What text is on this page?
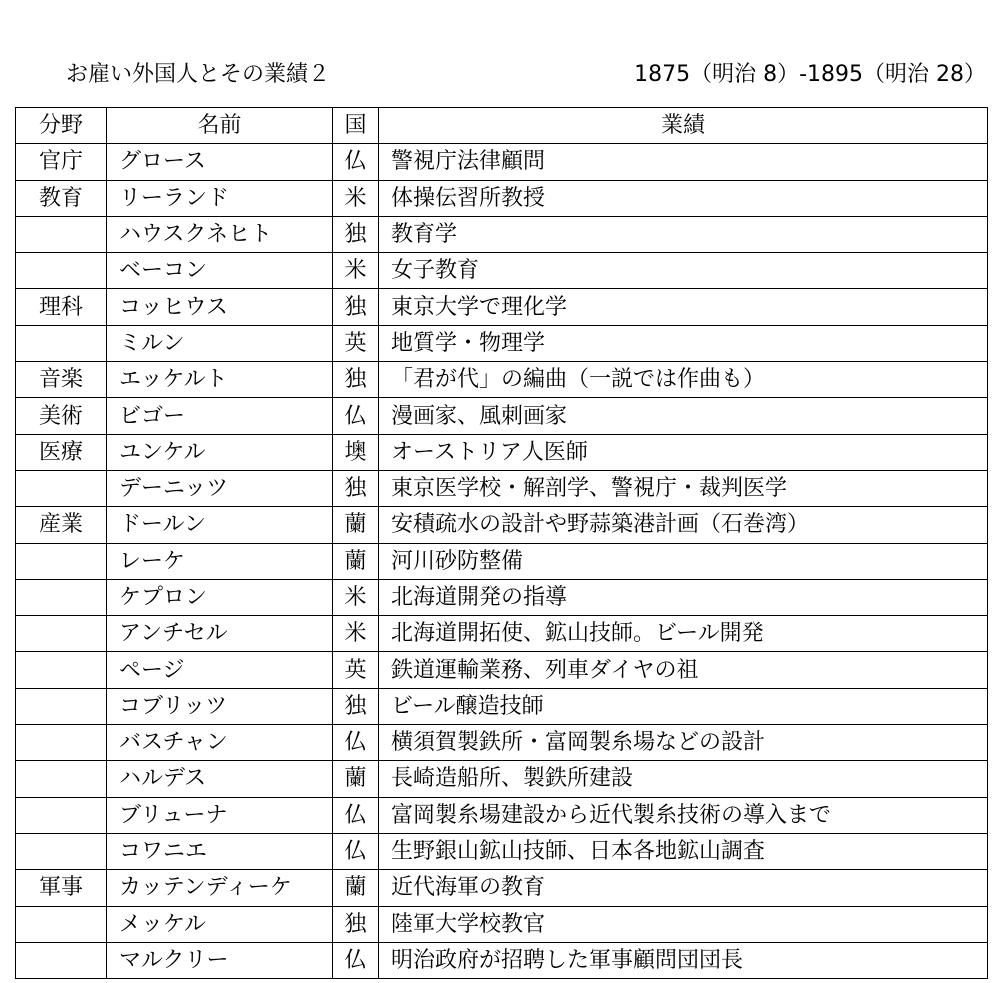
お雇い外国人とその業績２	1875（明治 8）-1895（明治 28）
分野	名前	国	業績
官庁	グロース	仏	警視庁法律顧問
教育	リーランド	米	体操伝習所教授
	ハウスクネヒト	独	教育学
	ベーコン	米	女子教育
理科	コッヒウス	独	東京大学で理化学
	ミルン	英	地質学・物理学
音楽	エッケルト	独	「君が代」の編曲（一説では作曲も）
美術	ビゴー	仏	漫画家、風刺画家
医療	ユンケル	墺	オーストリア人医師
	デーニッツ	独	東京医学校・解剖学、警視庁・裁判医学
産業	ドールン	蘭	安積疏水の設計や野蒜築港計画（石巻湾）
	レーケ	蘭	河川砂防整備
	ケプロン	米	北海道開発の指導
	アンチセル	米	北海道開拓使、鉱山技師。ビール開発
	ページ	英	鉄道運輸業務、列車ダイヤの祖
	コブリッツ	独	ビール醸造技師
	バスチャン	仏	横須賀製鉄所・富岡製糸場などの設計
	ハルデス	蘭	長崎造船所、製鉄所建設
	ブリューナ	仏	富岡製糸場建設から近代製糸技術の導入まで
	コワニエ	仏	生野銀山鉱山技師、日本各地鉱山調査
軍事	カッテンディーケ	蘭	近代海軍の教育
	メッケル	独	陸軍大学校教官
	マルクリー	仏	明治政府が招聘した軍事顧問団団長
